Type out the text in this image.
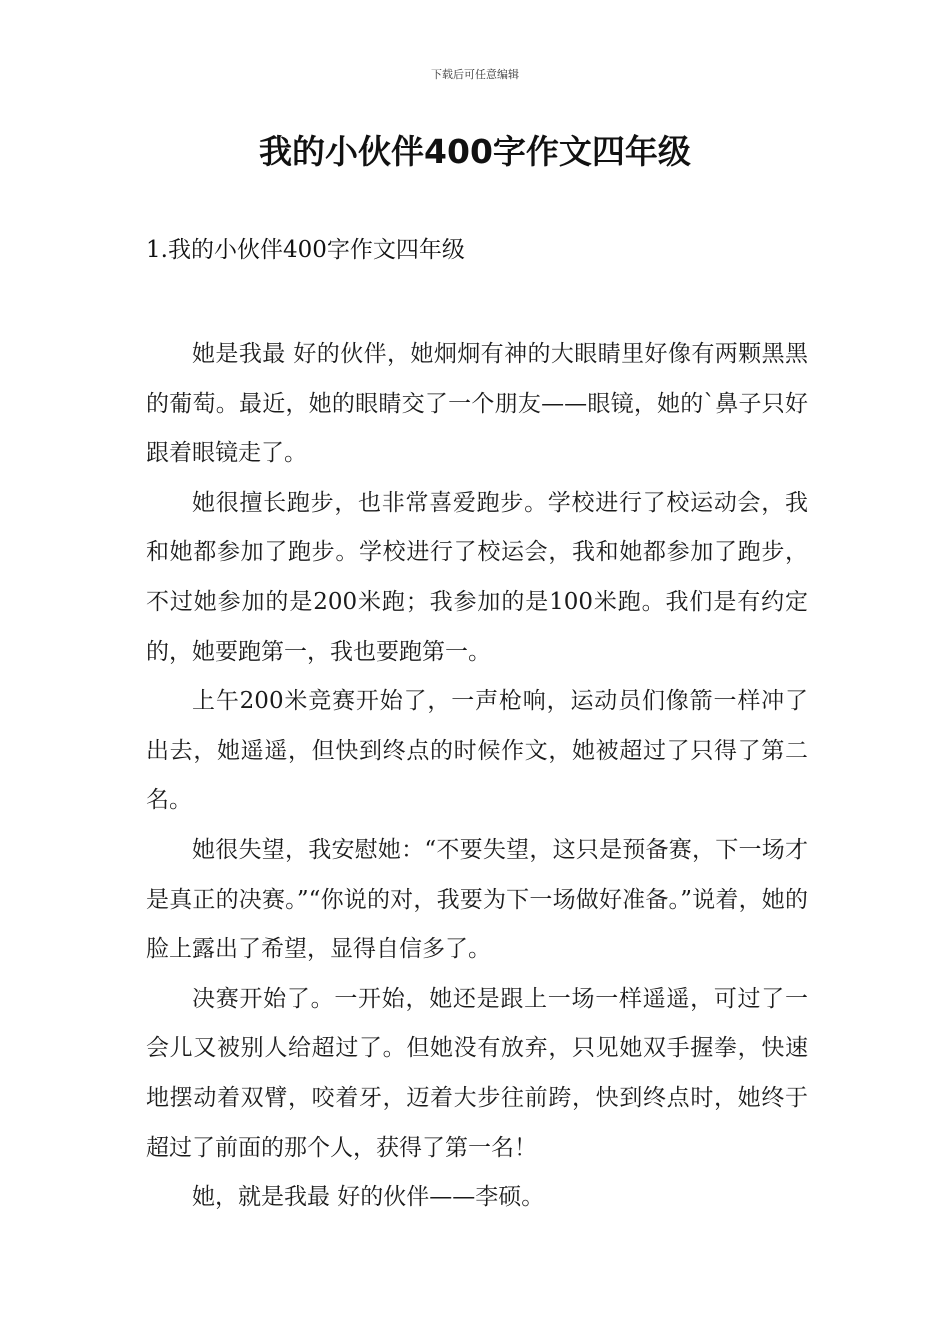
下载后可任意编辑
我的小伙伴400字作文四年级
1.我的小伙伴400字作文四年级

她是我最 好的伙伴，她炯炯有神的大眼睛里好像有两颗黑黑的葡萄。最近，她的眼睛交了一个朋友——眼镜，她的`鼻子只好跟着眼镜走了。

她很擅长跑步，也非常喜爱跑步。学校进行了校运动会，我和她都参加了跑步。学校进行了校运会，我和她都参加了跑步，不过她参加的是200米跑；我参加的是100米跑。我们是有约定的，她要跑第一，我也要跑第一。

上午200米竞赛开始了，一声枪响，运动员们像箭一样冲了出去，她遥遥，但快到终点的时候作文，她被超过了只得了第二名。

她很失望，我安慰她：“不要失望，这只是预备赛，下一场才是真正的决赛。”“你说的对，我要为下一场做好准备。”说着，她的脸上露出了希望，显得自信多了。

决赛开始了。一开始，她还是跟上一场一样遥遥，可过了一会儿又被别人给超过了。但她没有放弃，只见她双手握拳，快速地摆动着双臂，咬着牙，迈着大步往前跨，快到终点时，她终于超过了前面的那个人，获得了第一名！

她，就是我最 好的伙伴——李硕。
